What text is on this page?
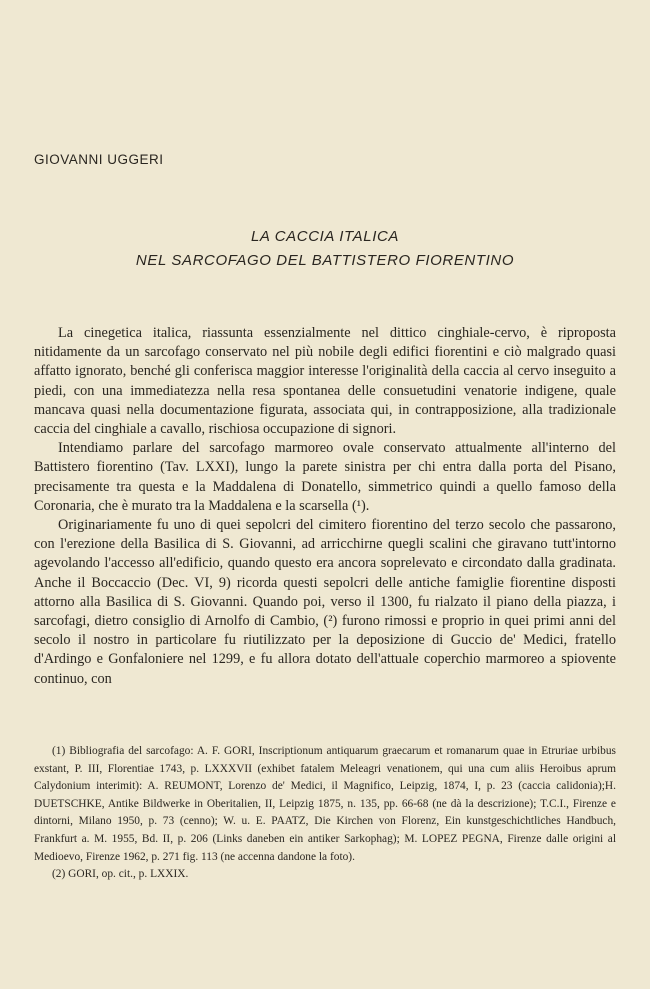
GIOVANNI UGGERI
LA CACCIA ITALICA
NEL SARCOFAGO DEL BATTISTERO FIORENTINO

La cinegetica italica, riassunta essenzialmente nel dittico cinghiale-cervo, è riproposta nitidamente da un sarcofago conservato nel più nobile degli edifici fiorentini e ciò malgrado quasi affatto ignorato, benché gli conferisca maggior interesse l'originalità della caccia al cervo inseguito a piedi, con una immediatezza nella resa spontanea delle consuetudini venatorie indigene, quale mancava quasi nella documentazione figurata, associata qui, in contrapposizione, alla tradizionale caccia del cinghiale a cavallo, rischiosa occupazione di signori.

Intendiamo parlare del sarcofago marmoreo ovale conservato attualmente all'interno del Battistero fiorentino (Tav. LXXI), lungo la parete sinistra per chi entra dalla porta del Pisano, precisamente tra questa e la Maddalena di Donatello, simmetrico quindi a quello famoso della Coronaria, che è murato tra la Maddalena e la scarsella (¹).

Originariamente fu uno di quei sepolcri del cimitero fiorentino del terzo secolo che passarono, con l'erezione della Basilica di S. Giovanni, ad arricchirne quegli scalini che giravano tutt'intorno agevolando l'accesso all'edificio, quando questo era ancora soprelevato e circondato dalla gradinata. Anche il Boccaccio (Dec. VI, 9) ricorda questi sepolcri delle antiche famiglie fiorentine disposti attorno alla Basilica di S. Giovanni. Quando poi, verso il 1300, fu rialzato il piano della piazza, i sarcofagi, dietro consiglio di Arnolfo di Cambio, (²) furono rimossi e proprio in quei primi anni del secolo il nostro in particolare fu riutilizzato per la deposizione di Guccio de' Medici, fratello d'Ardingo e Gonfaloniere nel 1299, e fu allora dotato dell'attuale coperchio marmoreo a spiovente continuo, con

(1) Bibliografia del sarcofago: A. F. GORI, Inscriptionum antiquarum graecarum et romanarum quae in Etruriae urbibus exstant, P. III, Florentiae 1743, p. LXXXVII (exhibet fatalem Meleagri venationem, qui una cum aliis Heroibus aprum Calydonium interimit): A. REUMONT, Lorenzo de' Medici, il Magnifico, Leipzig, 1874, I, p. 23 (caccia calidonia);H. DUETSCHKE, Antike Bildwerke in Oberitalien, II, Leipzig 1875, n. 135, pp. 66-68 (ne dà la descrizione); T.C.I., Firenze e dintorni, Milano 1950, p. 73 (cenno); W. u. E. PAATZ, Die Kirchen von Florenz, Ein kunstgeschichtliches Handbuch, Frankfurt a. M. 1955, Bd. II, p. 206 (Links daneben ein antiker Sarkophag); M. LOPEZ PEGNA, Firenze dalle origini al Medioevo, Firenze 1962, p. 271 fig. 113 (ne accenna dandone la foto).

(2) GORI, op. cit., p. LXXIX.
